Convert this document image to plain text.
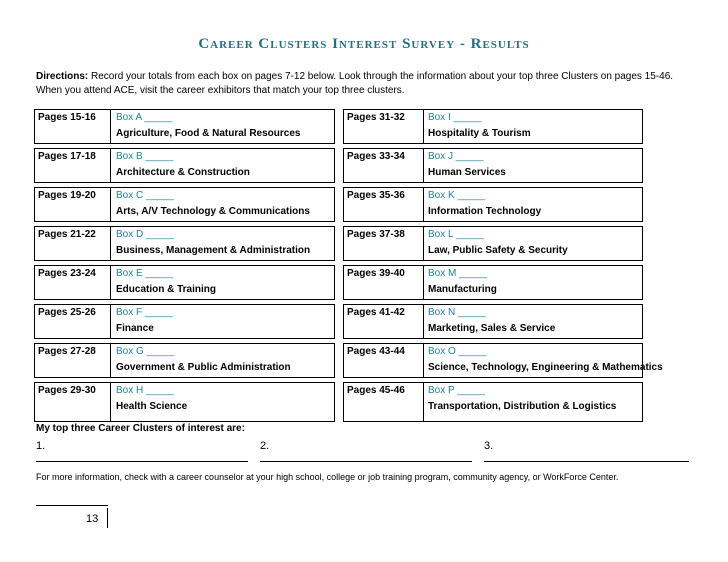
Career Clusters Interest Survey - Results
Directions: Record your totals from each box on pages 7-12 below. Look through the information about your top three Clusters on pages 15-46.
When you attend ACE, visit the career exhibitors that match your top three clusters.
Pages 15-16	Box A _____
Agriculture, Food & Natural Resources
Pages 17-18	Box B _____
Architecture & Construction
Pages 19-20	Box C _____
Arts, A/V Technology & Communications
Pages 21-22	Box D _____
Business, Management & Administration
Pages 23-24	Box E _____
Education & Training
Pages 25-26	Box F _____
Finance
Pages 27-28	Box G _____
Government & Public Administration
Pages 29-30	Box H _____
Health Science
Pages 31-32	Box I _____
Hospitality & Tourism
Pages 33-34	Box J _____
Human Services
Pages 35-36	Box K _____
Information Technology
Pages 37-38	Box L _____
Law, Public Safety & Security
Pages 39-40	Box M _____
Manufacturing
Pages 41-42	Box N _____
Marketing, Sales & Service
Pages 43-44	Box O _____
Science, Technology, Engineering & Mathematics
Pages 45-46	Box P _____
Transportation, Distribution & Logistics
My top three Career Clusters of interest are:
1.	2.	3.
For more information, check with a career counselor at your high school, college or job training program, community agency, or WorkForce Center.
13
